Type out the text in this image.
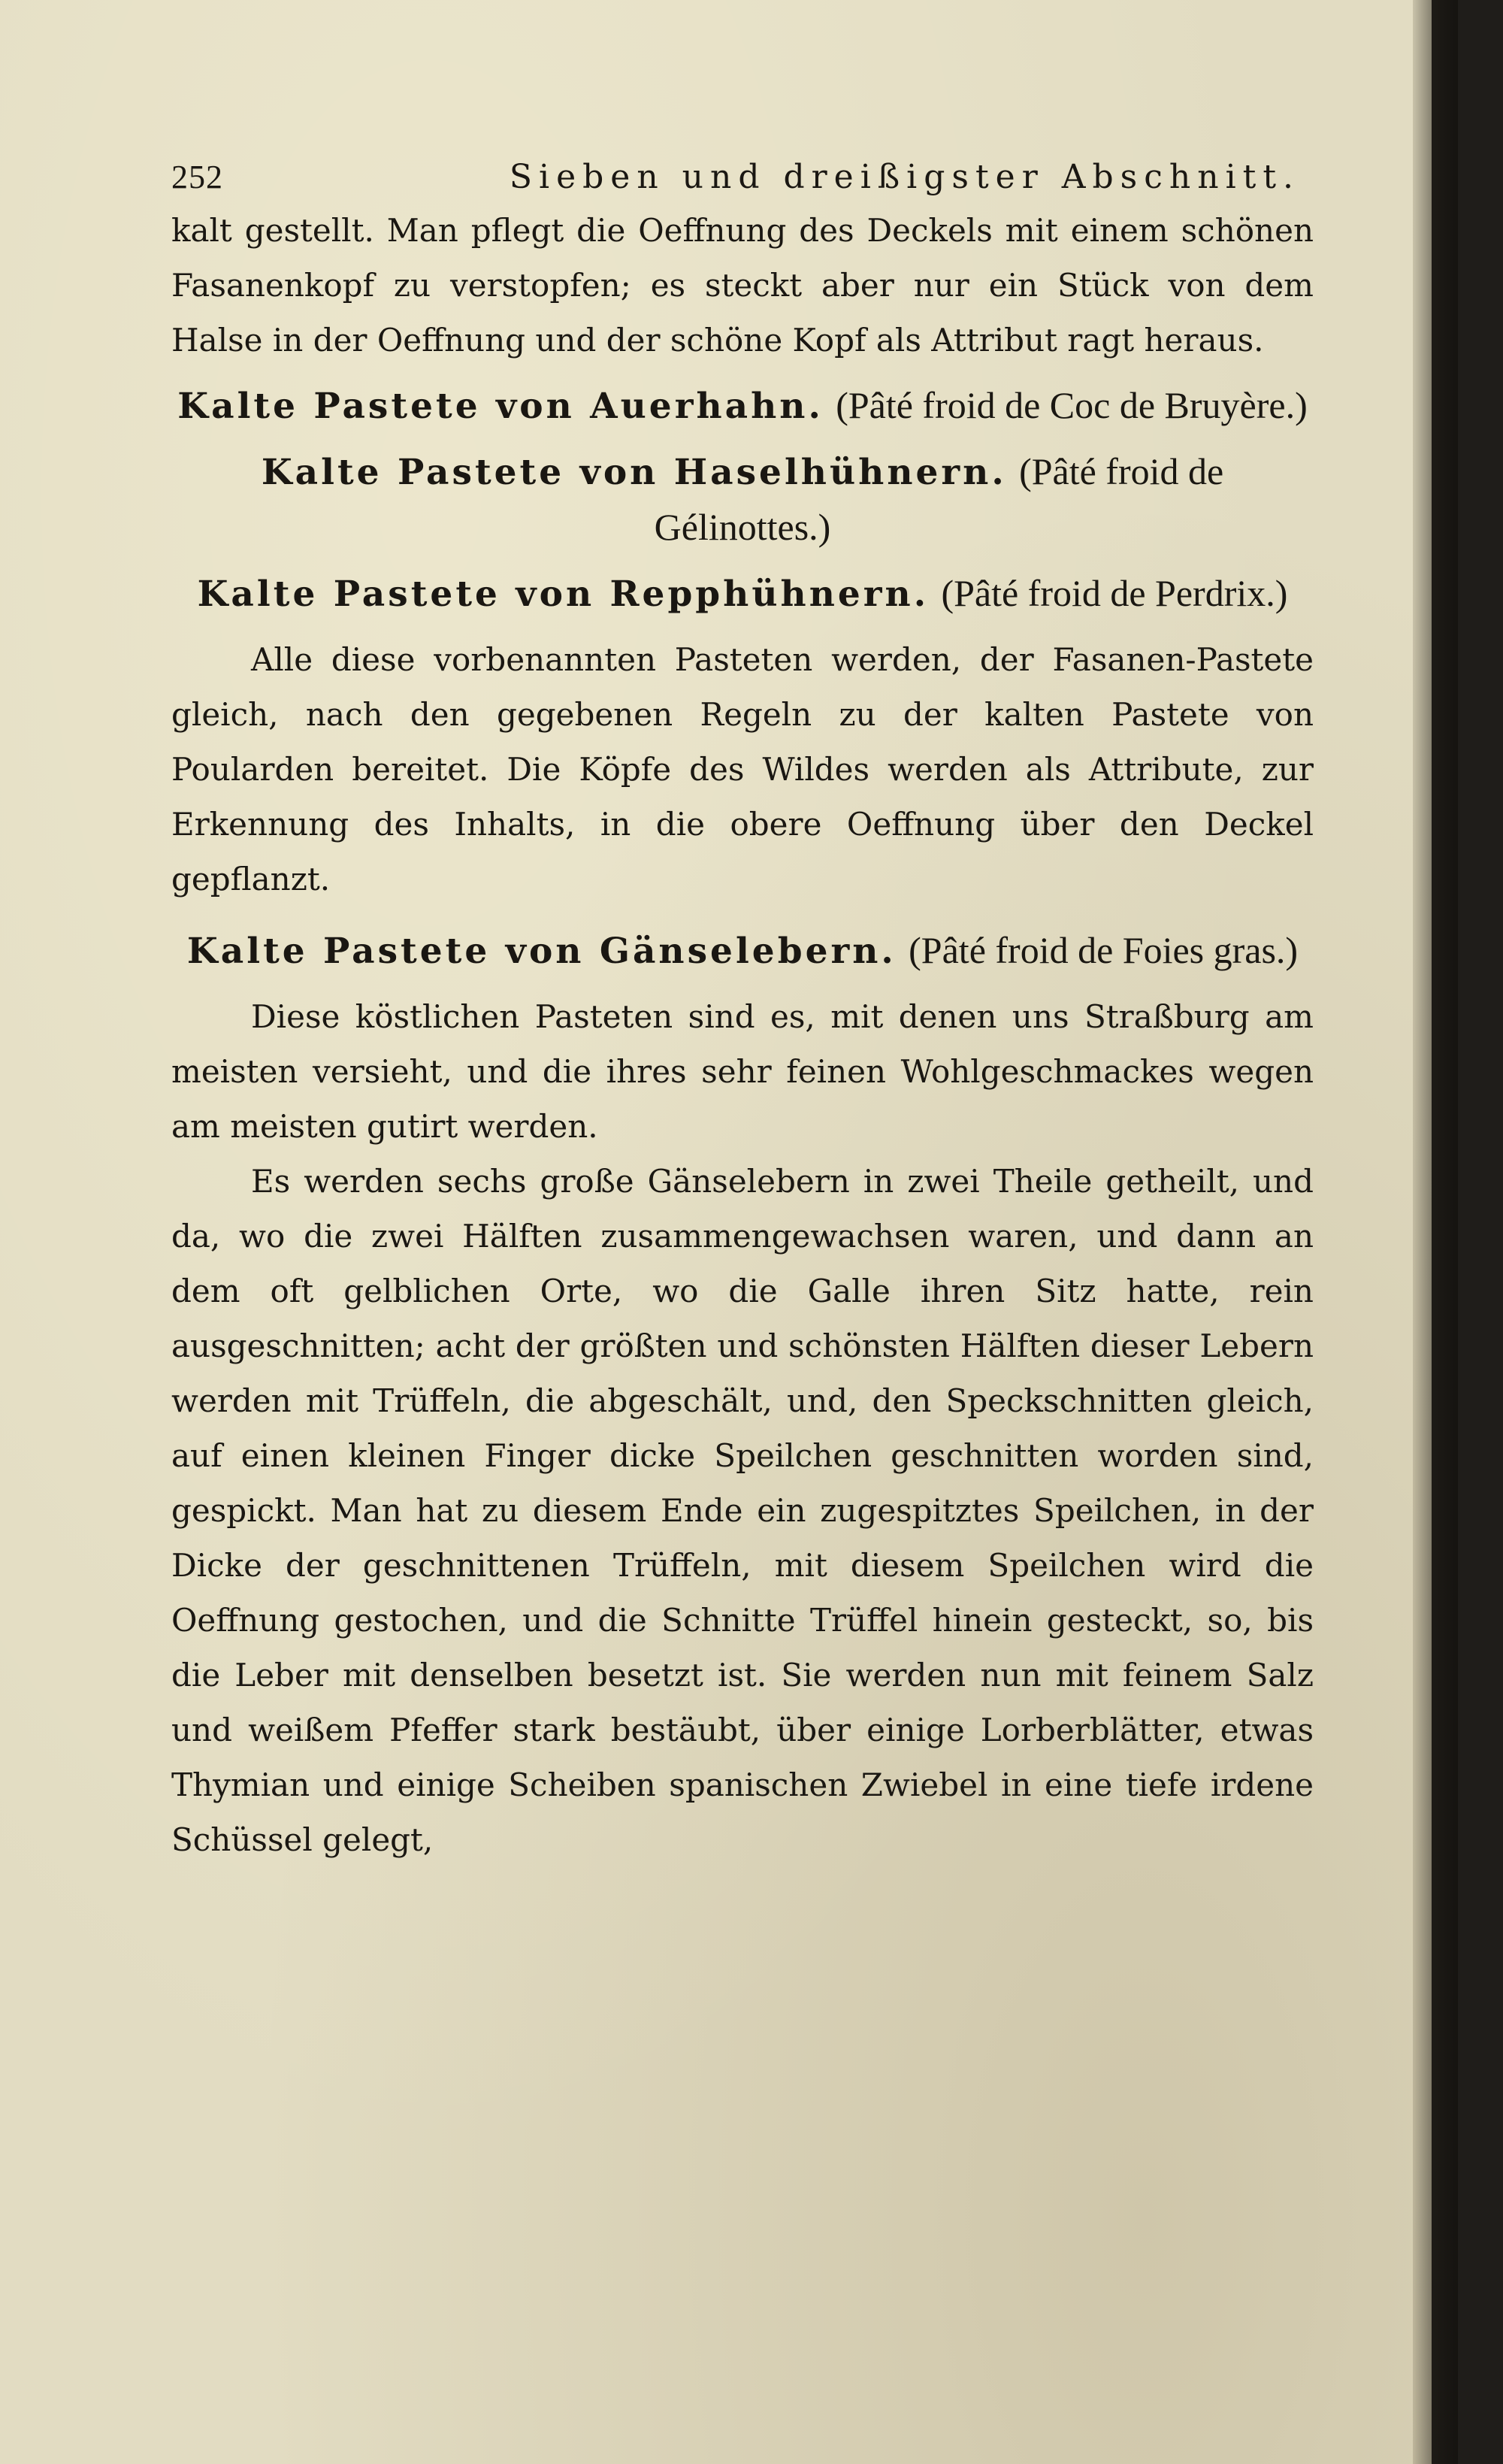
252	Sieben und dreißigster Abschnitt.

kalt gestellt. Man pflegt die Oeffnung des Deckels mit einem schönen Fasanenkopf zu verstopfen; es steckt aber nur ein Stück von dem Halse in der Oeffnung und der schöne Kopf als Attribut ragt heraus.

Kalte Pastete von Auerhahn. (Pâté froid de Coc de Bruyère.)
Kalte Pastete von Haselhühnern. (Pâté froid de Gélinottes.)
Kalte Pastete von Repphühnern. (Pâté froid de Perdrix.)

Alle diese vorbenannten Pasteten werden, der Fasanen-Pastete gleich, nach den gegebenen Regeln zu der kalten Pastete von Poularden bereitet. Die Köpfe des Wildes werden als Attribute, zur Erkennung des Inhalts, in die obere Oeffnung über den Deckel gepflanzt.

Kalte Pastete von Gänselebern. (Pâté froid de Foies gras.)

Diese köstlichen Pasteten sind es, mit denen uns Straßburg am meisten versieht, und die ihres sehr feinen Wohlgeschmackes wegen am meisten gutirt werden.

Es werden sechs große Gänselebern in zwei Theile getheilt, und da, wo die zwei Hälften zusammengewachsen waren, und dann an dem oft gelblichen Orte, wo die Galle ihren Sitz hatte, rein ausgeschnitten; acht der größten und schönsten Hälften dieser Lebern werden mit Trüffeln, die abgeschält, und, den Speckschnitten gleich, auf einen kleinen Finger dicke Speilchen geschnitten worden sind, gespickt. Man hat zu diesem Ende ein zugespitztes Speilchen, in der Dicke der geschnittenen Trüffeln, mit diesem Speilchen wird die Oeffnung gestochen, und die Schnitte Trüffel hinein gesteckt, so, bis die Leber mit denselben besetzt ist. Sie werden nun mit feinem Salz und weißem Pfeffer stark bestäubt, über einige Lorberblätter, etwas Thymian und einige Scheiben spanischen Zwiebel in eine tiefe irdene Schüssel gelegt,
